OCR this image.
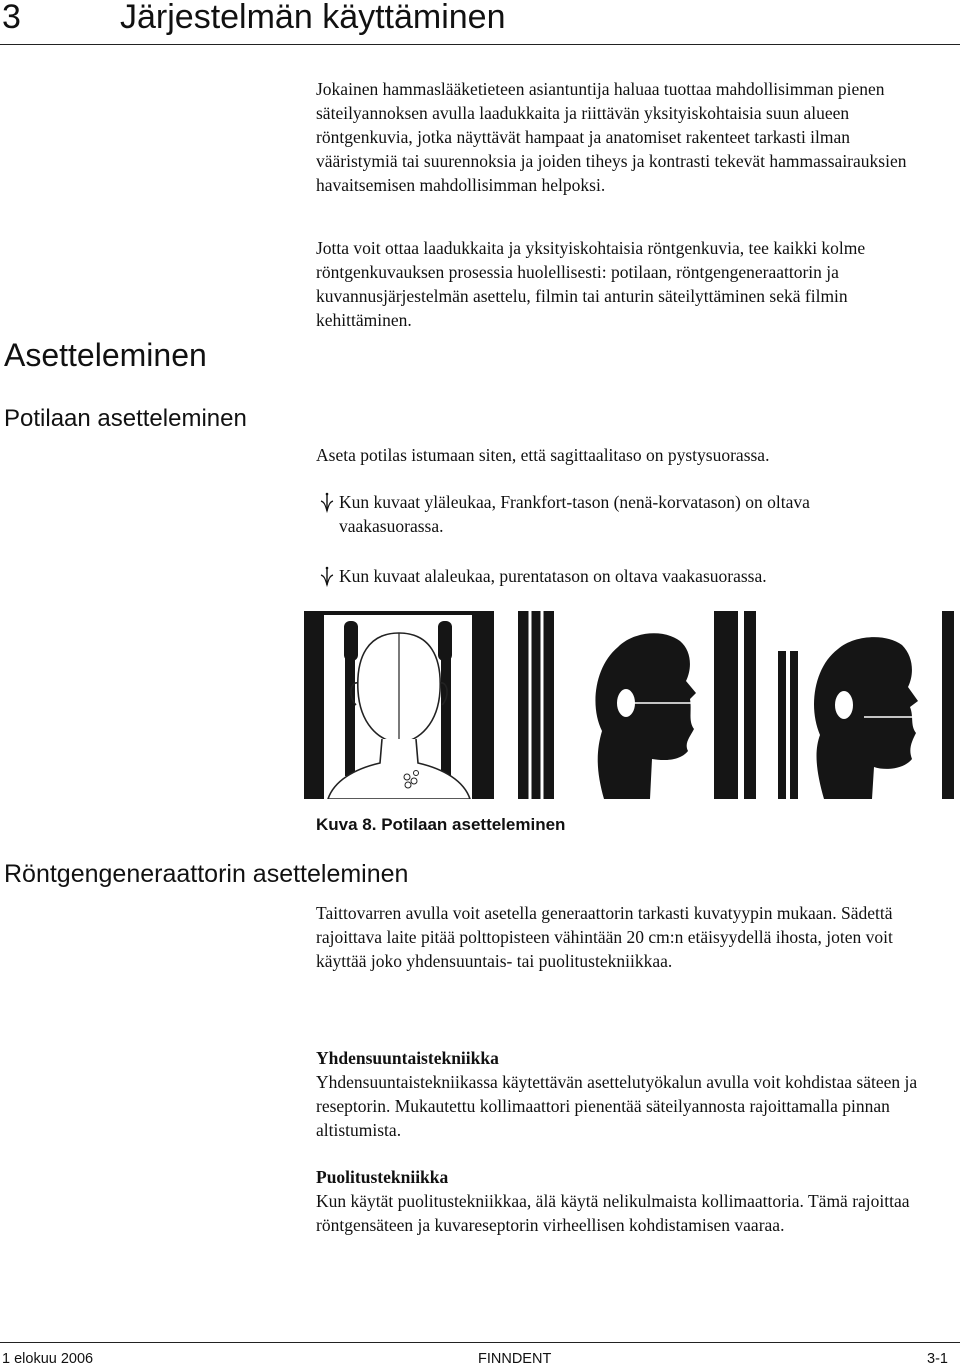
3	Järjestelmän käyttäminen
Jokainen hammaslääketieteen asiantuntija haluaa tuottaa mahdollisimman pienen säteilyannoksen avulla laadukkaita ja riittävän yksityiskohtaisia suun alueen röntgenkuvia, jotka näyttävät hampaat ja anatomiset rakenteet tarkasti ilman vääristymiä tai suurennoksia ja joiden tiheys ja kontrasti tekevät hammassairauksien havaitsemisen mahdollisimman helpoksi.
Jotta voit ottaa laadukkaita ja yksityiskohtaisia röntgenkuvia, tee kaikki kolme röntgenkuvauksen prosessia huolellisesti: potilaan, röntgengeneraattorin ja kuvannusjärjestelmän asettelu, filmin tai anturin säteilyttäminen sekä filmin kehittäminen.
Asetteleminen
Potilaan asetteleminen
Aseta potilas istumaan siten, että sagittaalitaso on pystysuorassa.
Kun kuvaat yläleukaa, Frankfort-tason (nenä-korvatason) on oltava vaakasuorassa.
Kun kuvaat alaleukaa, purentatason on oltava vaakasuorassa.
Kuva 8. Potilaan asetteleminen
Röntgengeneraattorin asetteleminen
Taittovarren avulla voit asetella generaattorin tarkasti kuvatyypin mukaan. Sädettä rajoittava laite pitää polttopisteen vähintään 20 cm:n etäisyydellä ihosta, joten voit käyttää joko yhdensuuntais- tai puolitustekniikkaa.
Yhdensuuntaistekniikka
Yhdensuuntaistekniikassa käytettävän asettelutyökalun avulla voit kohdistaa säteen ja reseptorin. Mukautettu kollimaattori pienentää säteilyannosta rajoittamalla pinnan altistumista.
Puolitustekniikka
Kun käytät puolitustekniikkaa, älä käytä nelikulmaista kollimaattoria. Tämä rajoittaa röntgensäteen ja kuvareseptorin virheellisen kohdistamisen vaaraa.
1 elokuu 2006	FINNDENT	3-1
